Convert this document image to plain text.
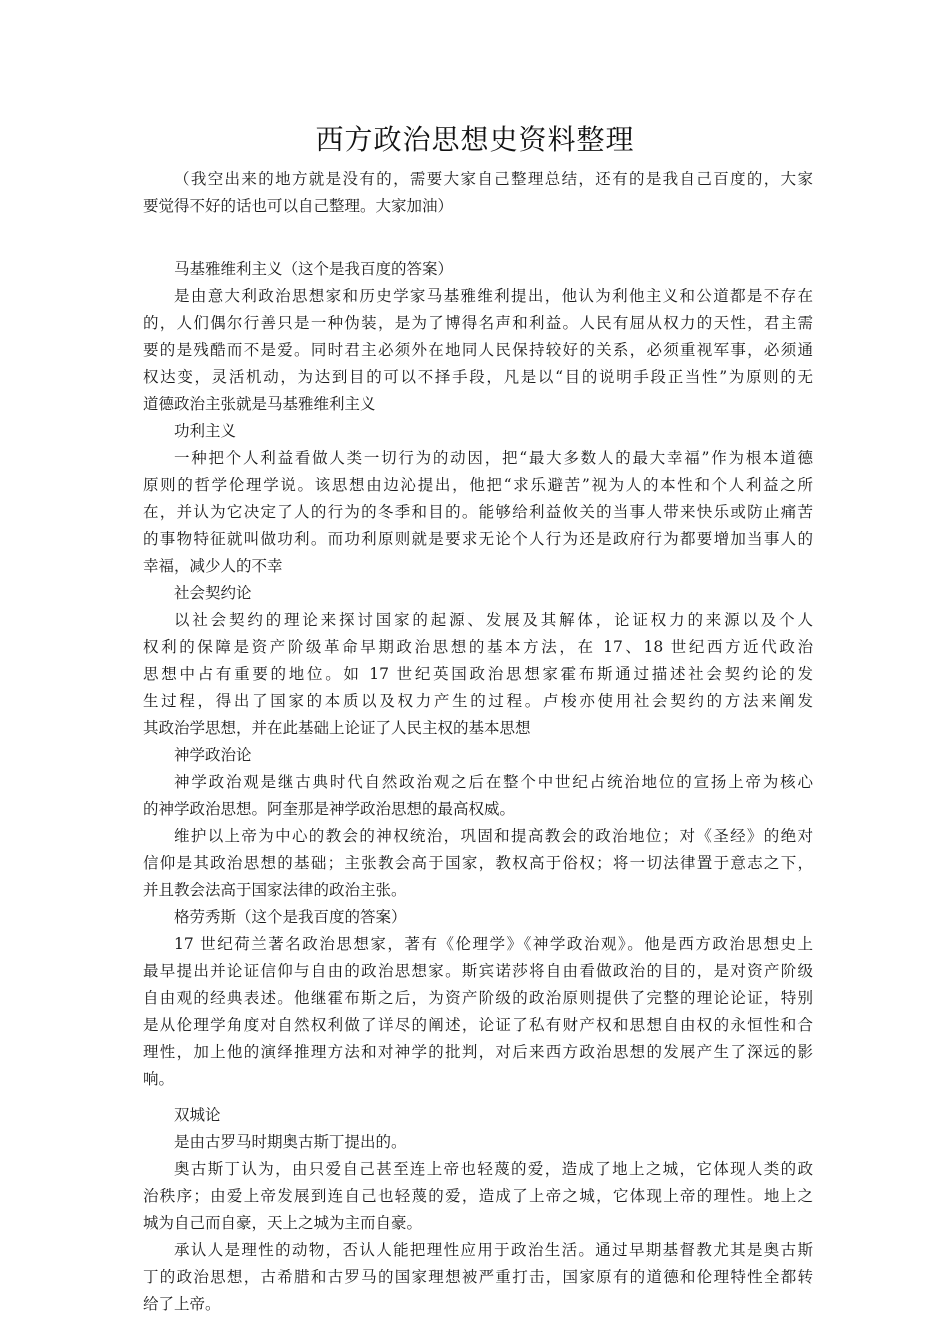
西方政治思想史资料整理
（我空出来的地方就是没有的，需要大家自己整理总结，还有的是我自己百度的，大家
要觉得不好的话也可以自己整理。大家加油）
马基雅维利主义（这个是我百度的答案）
是由意大利政治思想家和历史学家马基雅维利提出，他认为利他主义和公道都是不存在
的，人们偶尔行善只是一种伪装，是为了博得名声和利益。人民有屈从权力的天性，君主需
要的是残酷而不是爱。同时君主必须外在地同人民保持较好的关系，必须重视军事，必须通
权达变，灵活机动，为达到目的可以不择手段，凡是以“目的说明手段正当性”为原则的无
道德政治主张就是马基雅维利主义
功利主义
一种把个人利益看做人类一切行为的动因，把“最大多数人的最大幸福”作为根本道德
原则的哲学伦理学说。该思想由边沁提出，他把“求乐避苦”视为人的本性和个人利益之所
在，并认为它决定了人的行为的冬季和目的。能够给利益攸关的当事人带来快乐或防止痛苦
的事物特征就叫做功利。而功利原则就是要求无论个人行为还是政府行为都要增加当事人的
幸福，减少人的不幸
社会契约论
以社会契约的理论来探讨国家的起源、发展及其解体，论证权力的来源以及个人
权利的保障是资产阶级革命早期政治思想的基本方法，在 17、18 世纪西方近代政治
思想中占有重要的地位。如 17 世纪英国政治思想家霍布斯通过描述社会契约论的发
生过程，得出了国家的本质以及权力产生的过程。卢梭亦使用社会契约的方法来阐发
其政治学思想，并在此基础上论证了人民主权的基本思想
神学政治论
神学政治观是继古典时代自然政治观之后在整个中世纪占统治地位的宣扬上帝为核心
的神学政治思想。阿奎那是神学政治思想的最高权威。
维护以上帝为中心的教会的神权统治，巩固和提高教会的政治地位；对《圣经》的绝对
信仰是其政治思想的基础；主张教会高于国家，教权高于俗权；将一切法律置于意志之下，
并且教会法高于国家法律的政治主张。
格劳秀斯（这个是我百度的答案）
17 世纪荷兰著名政治思想家，著有《伦理学》《神学政治观》。他是西方政治思想史上
最早提出并论证信仰与自由的政治思想家。斯宾诺莎将自由看做政治的目的，是对资产阶级
自由观的经典表述。他继霍布斯之后，为资产阶级的政治原则提供了完整的理论论证，特别
是从伦理学角度对自然权利做了详尽的阐述，论证了私有财产权和思想自由权的永恒性和合
理性，加上他的演绎推理方法和对神学的批判，对后来西方政治思想的发展产生了深远的影
响。
双城论
是由古罗马时期奥古斯丁提出的。
奥古斯丁认为，由只爱自己甚至连上帝也轻蔑的爱，造成了地上之城，它体现人类的政
治秩序；由爱上帝发展到连自己也轻蔑的爱，造成了上帝之城，它体现上帝的理性。地上之
城为自己而自豪，天上之城为主而自豪。
承认人是理性的动物，否认人能把理性应用于政治生活。通过早期基督教尤其是奥古斯
丁的政治思想，古希腊和古罗马的国家理想被严重打击，国家原有的道德和伦理特性全都转
给了上帝。
